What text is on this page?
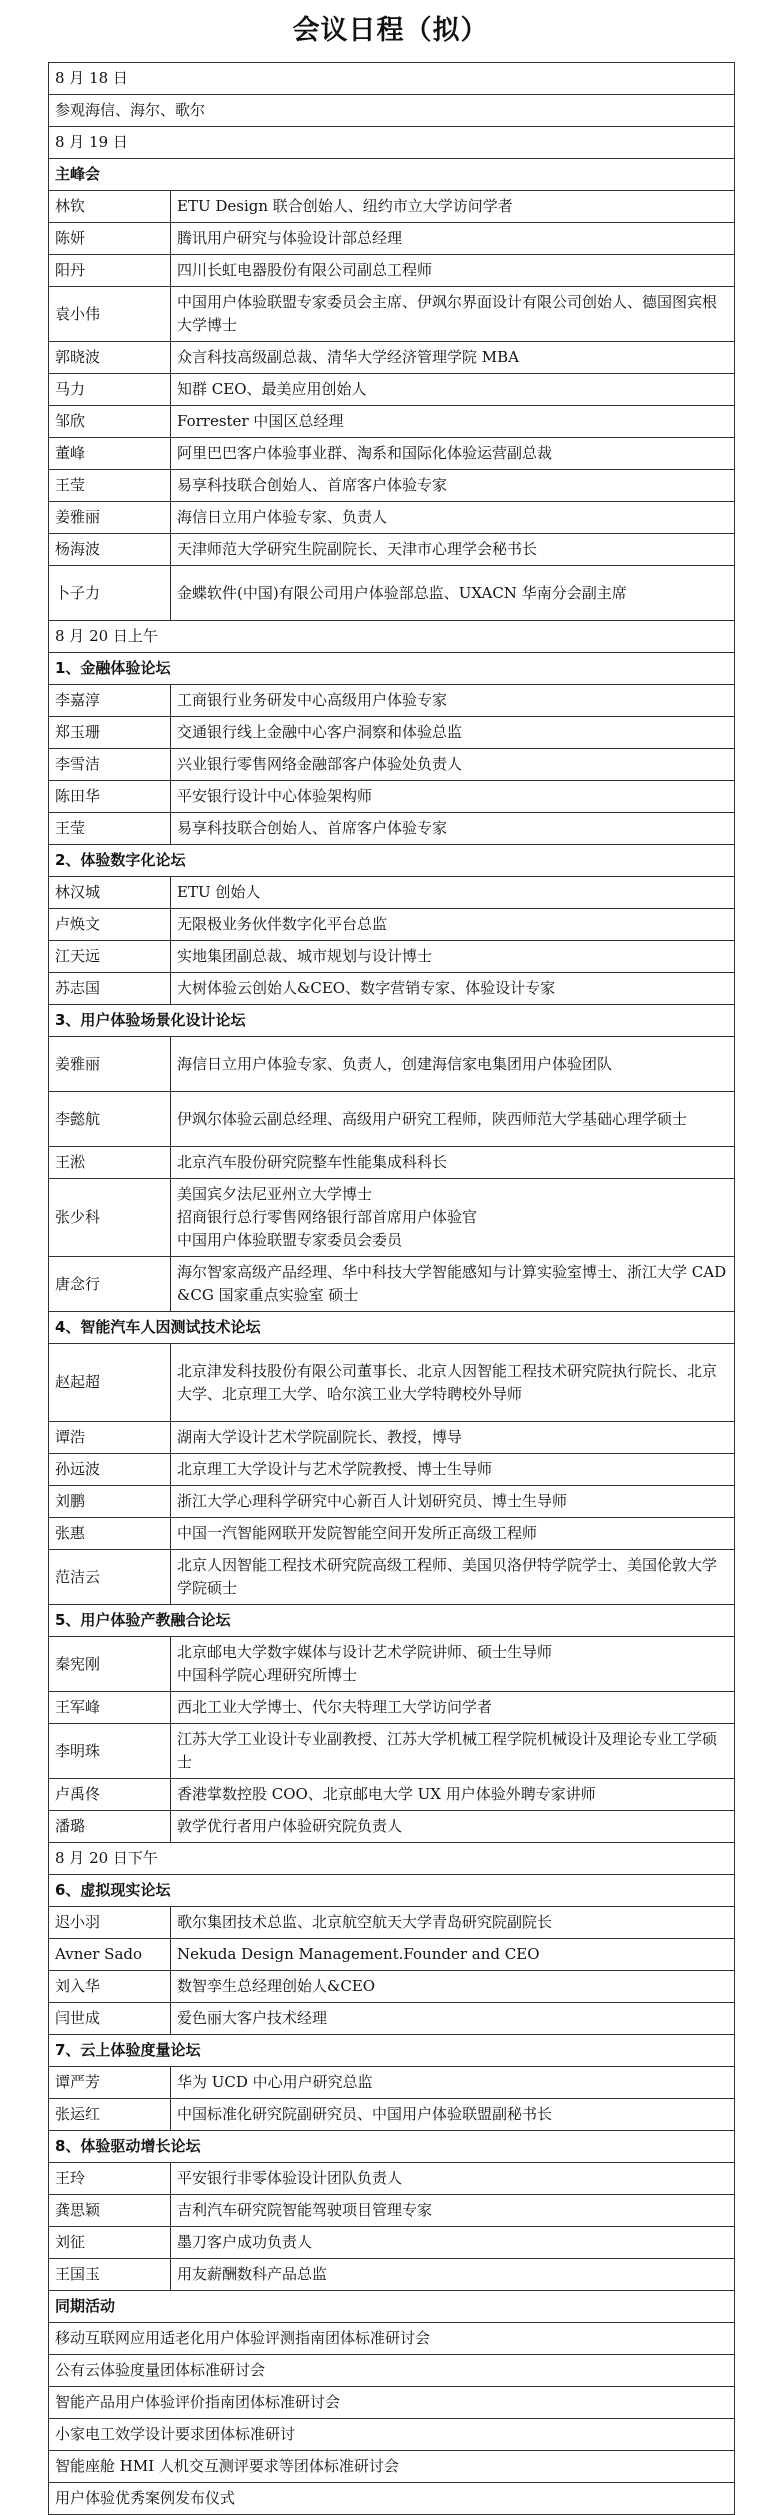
会议日程（拟）
8 月 18 日	
参观海信、海尔、歌尔	
8 月 19 日	
主峰会	
林钦	ETU Design 联合创始人、纽约市立大学访问学者
陈妍	腾讯用户研究与体验设计部总经理
阳丹	四川长虹电器股份有限公司副总工程师
袁小伟	中国用户体验联盟专家委员会主席、伊飒尔界面设计有限公司创始人、德国图宾根大学博士
郭晓波	众言科技高级副总裁、清华大学经济管理学院 MBA
马力	知群 CEO、最美应用创始人
邹欣	Forrester 中国区总经理
董峰	阿里巴巴客户体验事业群、淘系和国际化体验运营副总裁
王莹	易享科技联合创始人、首席客户体验专家
姜雅丽	海信日立用户体验专家、负责人
杨海波	天津师范大学研究生院副院长、天津市心理学会秘书长
卜子力	金蝶软件(中国)有限公司用户体验部总监、UXACN 华南分会副主席
8 月 20 日上午	
1、金融体验论坛	
李嘉淳	工商银行业务研发中心高级用户体验专家
郑玉珊	交通银行线上金融中心客户洞察和体验总监
李雪洁	兴业银行零售网络金融部客户体验处负责人
陈田华	平安银行设计中心体验架构师
王莹	易享科技联合创始人、首席客户体验专家
2、体验数字化论坛	
林汉城	ETU 创始人
卢焕文	无限极业务伙伴数字化平台总监
江天远	实地集团副总裁、城市规划与设计博士
苏志国	大树体验云创始人&CEO、数字营销专家、体验设计专家
3、用户体验场景化设计论坛	
姜雅丽	海信日立用户体验专家、负责人，创建海信家电集团用户体验团队
李懿航	伊飒尔体验云副总经理、高级用户研究工程师，陕西师范大学基础心理学硕士
王淞	北京汽车股份研究院整车性能集成科科长
张少科	美国宾夕法尼亚州立大学博士
招商银行总行零售网络银行部首席用户体验官
中国用户体验联盟专家委员会委员
唐念行	海尔智家高级产品经理、华中科技大学智能感知与计算实验室博士、浙江大学 CAD&CG 国家重点实验室 硕士
4、智能汽车人因测试技术论坛	
赵起超	北京津发科技股份有限公司董事长、北京人因智能工程技术研究院执行院长、北京大学、北京理工大学、哈尔滨工业大学特聘校外导师
谭浩	湖南大学设计艺术学院副院长、教授，博导
孙远波	北京理工大学设计与艺术学院教授、博士生导师
刘鹏	浙江大学心理科学研究中心新百人计划研究员、博士生导师
张惠	中国一汽智能网联开发院智能空间开发所正高级工程师
范洁云	北京人因智能工程技术研究院高级工程师、美国贝洛伊特学院学士、美国伦敦大学学院硕士
5、用户体验产教融合论坛	
秦宪刚	北京邮电大学数字媒体与设计艺术学院讲师、硕士生导师
中国科学院心理研究所博士
王军峰	西北工业大学博士、代尔夫特理工大学访问学者
李明珠	江苏大学工业设计专业副教授、江苏大学机械工程学院机械设计及理论专业工学硕士
卢禹佟	香港掌数控股 COO、北京邮电大学 UX 用户体验外聘专家讲师
潘璐	敦学优行者用户体验研究院负责人
8 月 20 日下午	
6、虚拟现实论坛	
迟小羽	歌尔集团技术总监、北京航空航天大学青岛研究院副院长
Avner Sado	Nekuda Design Management.Founder and CEO
刘入华	数智孪生总经理创始人&CEO
闫世成	爱色丽大客户技术经理
7、云上体验度量论坛	
谭严芳	华为 UCD 中心用户研究总监
张运红	中国标准化研究院副研究员、中国用户体验联盟副秘书长
8、体验驱动增长论坛	
王玲	平安银行非零体验设计团队负责人
龚思颖	吉利汽车研究院智能驾驶项目管理专家
刘征	墨刀客户成功负责人
王国玉	用友薪酬数科产品总监
同期活动	
移动互联网应用适老化用户体验评测指南团体标准研讨会	
公有云体验度量团体标准研讨会	
智能产品用户体验评价指南团体标准研讨会	
小家电工效学设计要求团体标准研讨	
智能座舱 HMI 人机交互测评要求等团体标准研讨会	
用户体验优秀案例发布仪式	
